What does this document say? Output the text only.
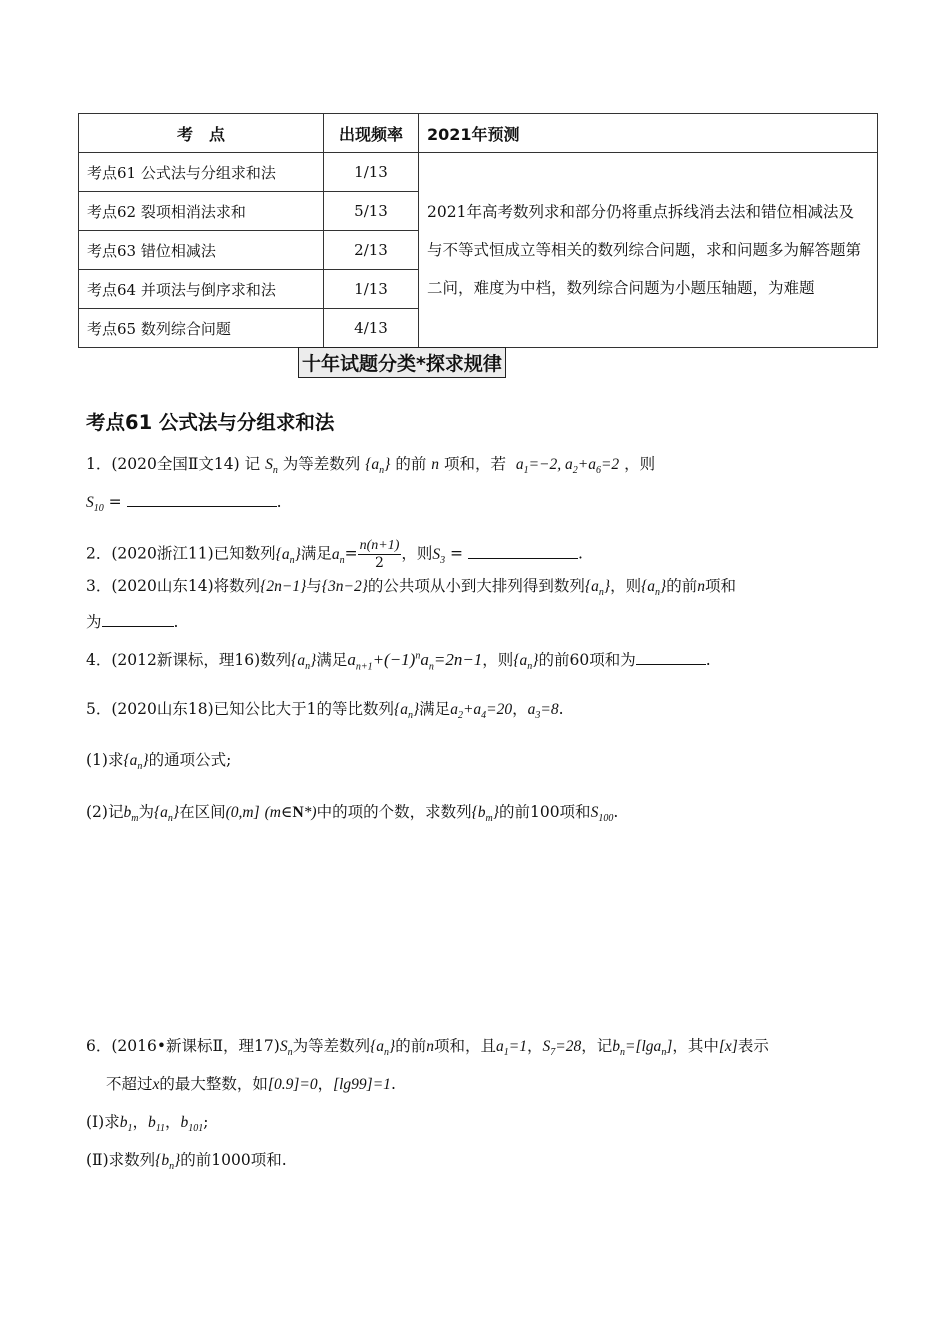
考　点	出现频率	2021年预测
考点61 公式法与分组求和法	1/13	2021年高考数列求和部分仍将重点拆线消去法和错位相减法及与不等式恒成立等相关的数列综合问题，求和问题多为解答题第二问，难度为中档，数列综合问题为小题压轴题，为难题
考点62 裂项相消法求和	5/13	
考点63 错位相减法	2/13	
考点64 并项法与倒序求和法	1/13	
考点65 数列综合问题	4/13	
十年试题分类*探求规律
考点61 公式法与分组求和法
1．(2020全国Ⅱ文14) 记 $S_n$ 为等差数列 $\{a_n\}$ 的前 n 项和，若 $a_1=-2$, $a_2+a_6=2$ ，则
$S_{10}$ =	.
2．(2020浙江11)已知数列$\{a_n\}$满足$a_n= \frac{n(n+1)}{2}$ ，则$S_3$ =	.
3．(2020山东14)将数列{2n−1}与{3n−2}的公共项从小到大排列得到数列$\{a_n\}$，则$\{a_n\}$的前n项和
为	.
4．(2012新课标，理16)数列$\{a_n\}$满足$a_{n+1}+(-1)^na_n=2n-1$，则$\{a_n\}$的前60项和为	.
5．(2020山东18)已知公比大于1的等比数列$\{a_n\}$满足$a_2+a_4=20$，$a_3=8$.
(1)求$\{a_n\}$的通项公式;
(2)记$b_m$为$\{a_n\}$在区间(0,m] (m∈N*)中的项的个数，求数列$\{b_m\}$的前100项和$S_{100}$.
6．(2016•新课标Ⅱ，理$17)S_n$为等差数列$\{a_n\}$的前n项和，且$a_1=1$，$S_7=28$，记$b_n=[\lg a_n]$，其中[x]表示
不超过x的最大整数，如[0.9]=0，[lg99]=1.
(Ⅰ)求$b_1$，$b_{11}$，$b_{101}$;
(Ⅱ)求数列$\{b_n\}$的前1000项和.
